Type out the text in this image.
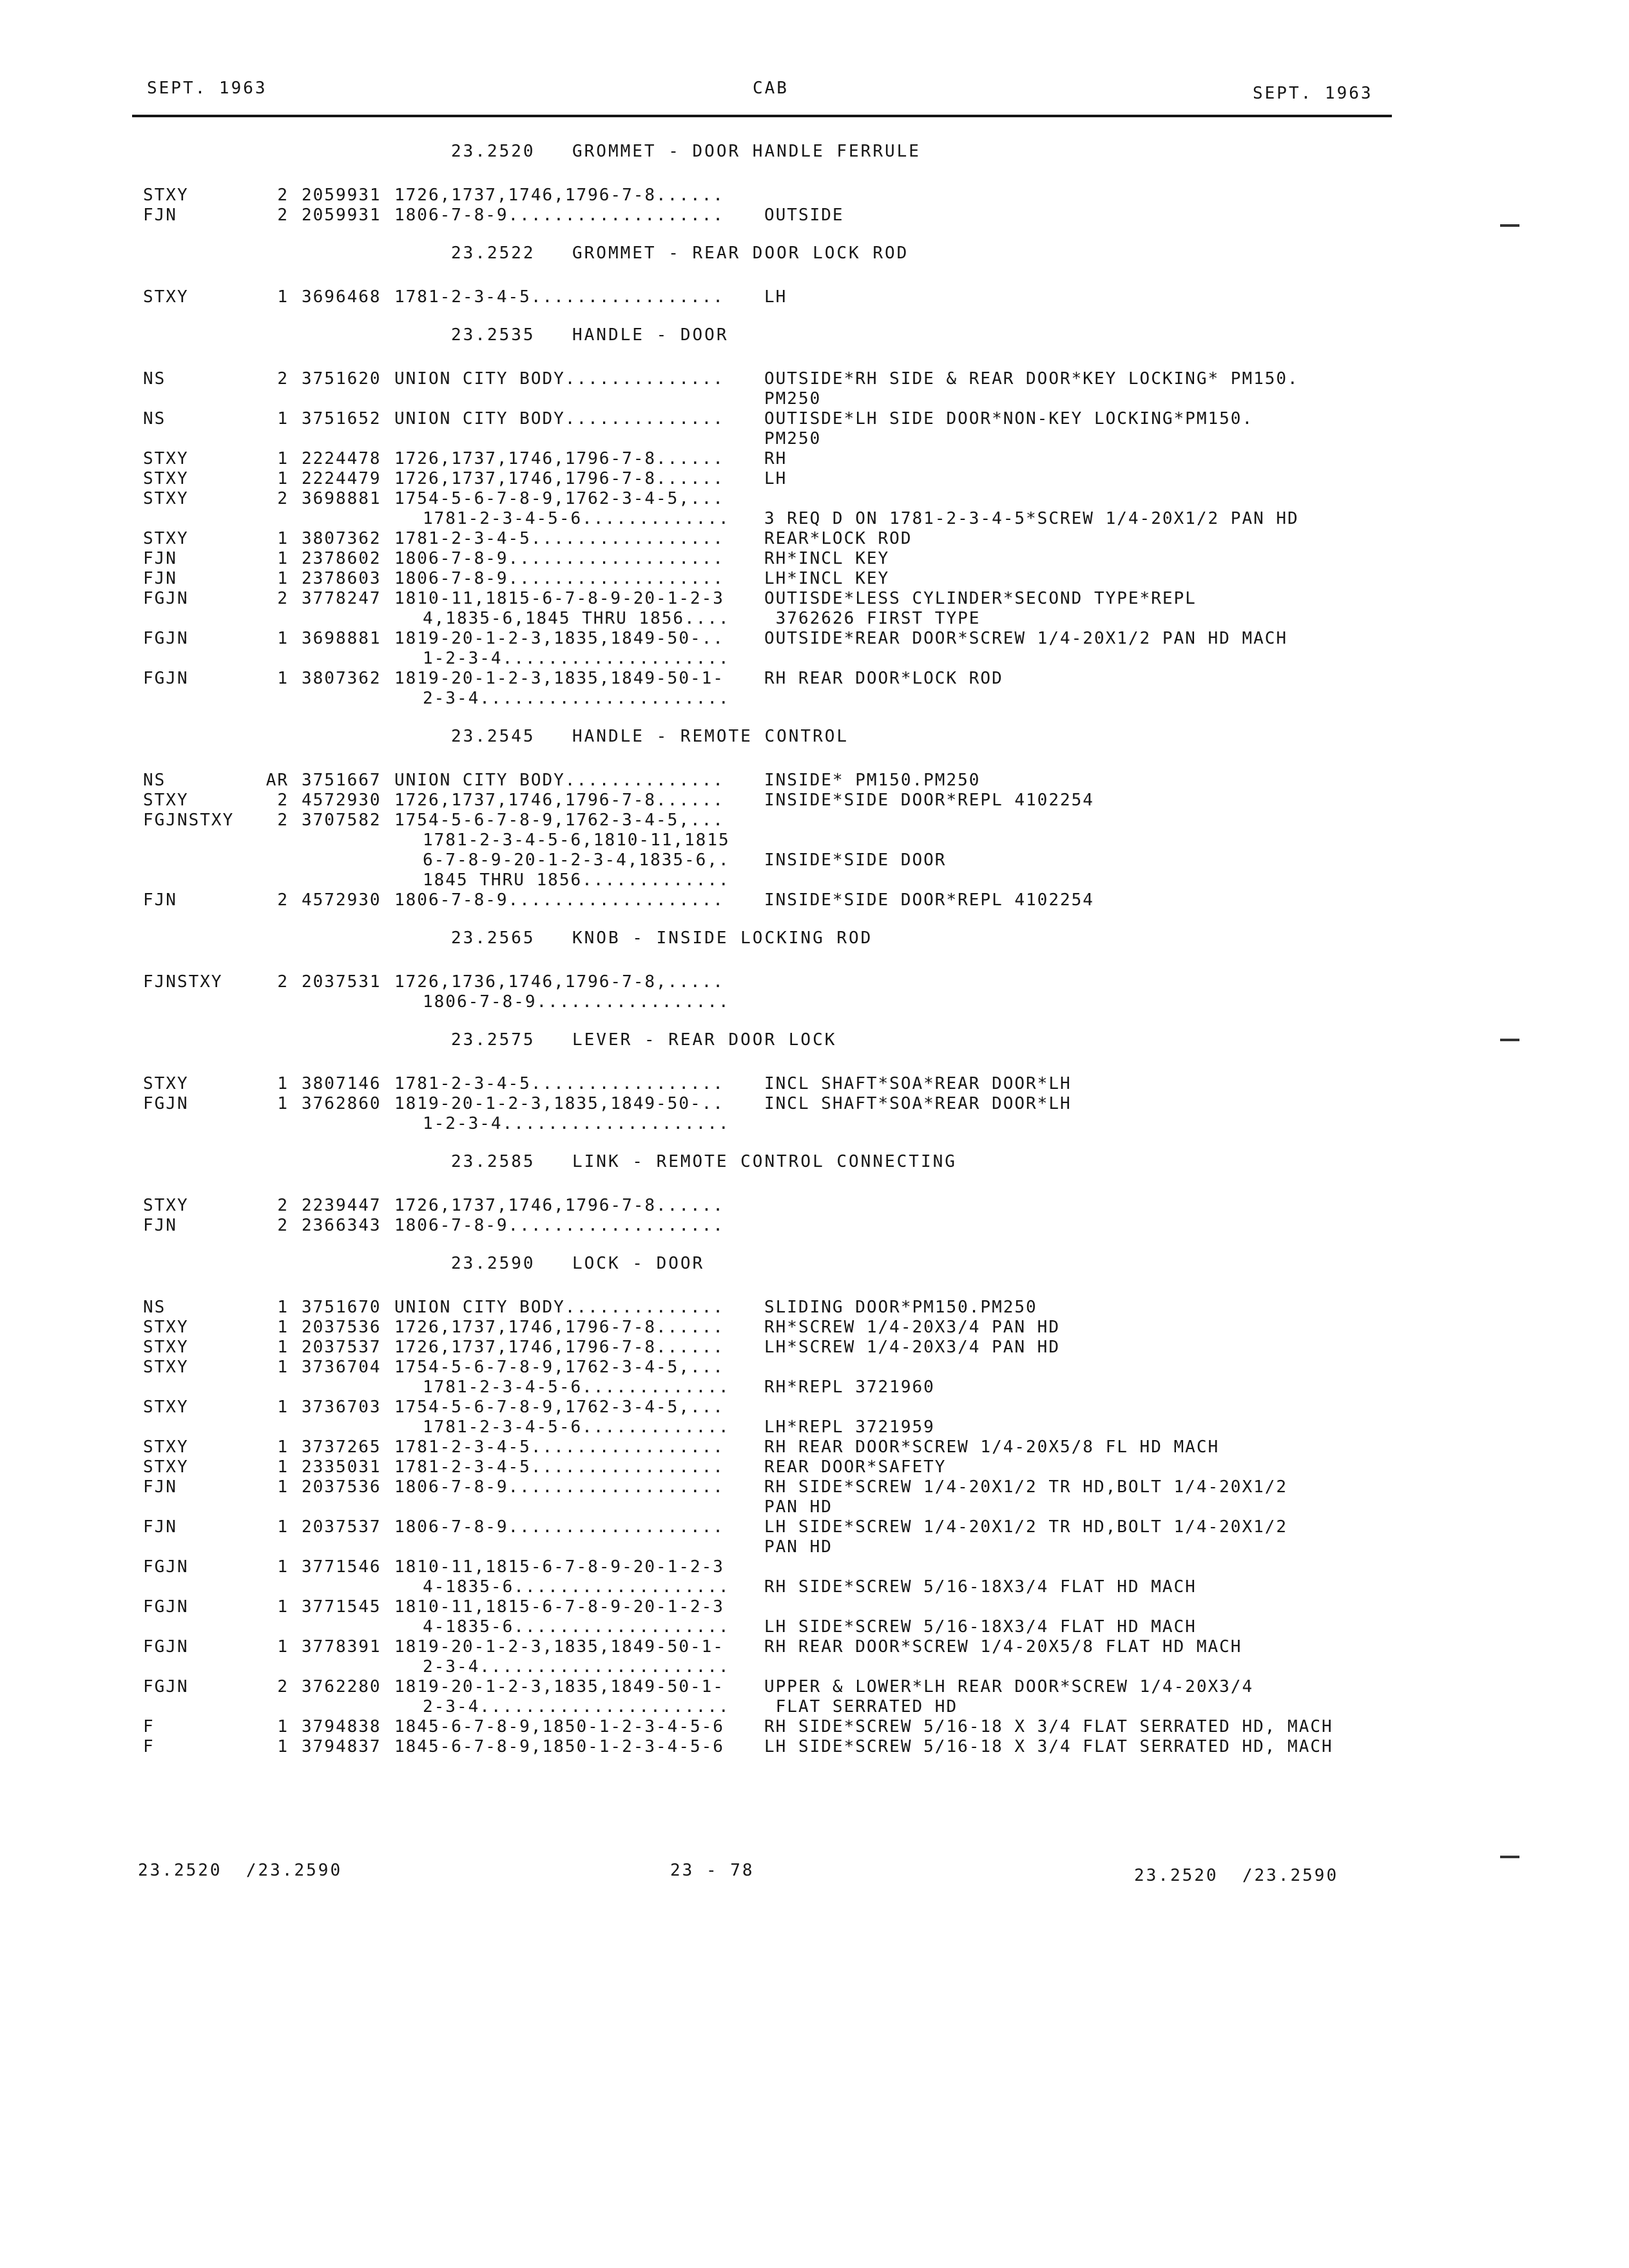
SEPT. 1963	CAB	SEPT. 1963
23.2520 GROMMET - DOOR HANDLE FERRULE
STXY	2 2059931 1726,1737,1746,1796-7-8......
FJN	2 2059931 1806-7-8-9................... OUTSIDE
23.2522 GROMMET - REAR DOOR LOCK ROD
STXY	1 3696468 1781-2-3-4-5................. LH
23.2535 HANDLE - DOOR
NS	2 3751620 UNION CITY BODY.............. OUTSIDE*RH SIDE & REAR DOOR*KEY LOCKING* PM150.
PM250
NS	1 3751652 UNION CITY BODY.............. OUTISDE*LH SIDE DOOR*NON-KEY LOCKING*PM150.
PM250
STXY	1 2224478 1726,1737,1746,1796-7-8...... RH
STXY	1 2224479 1726,1737,1746,1796-7-8...... LH
STXY	2 3698881 1754-5-6-7-8-9,1762-3-4-5,...
1781-2-3-4-5-6............. 3 REQ D ON 1781-2-3-4-5*SCREW 1/4-20X1/2 PAN HD
STXY	1 3807362 1781-2-3-4-5................. REAR*LOCK ROD
FJN	1 2378602 1806-7-8-9................... RH*INCL KEY
FJN	1 2378603 1806-7-8-9................... LH*INCL KEY
FGJN	2 3778247 1810-11,1815-6-7-8-9-20-1-2-3 OUTISDE*LESS CYLINDER*SECOND TYPE*REPL
4,1835-6,1845 THRU 1856.... 3762626 FIRST TYPE
FGJN	1 3698881 1819-20-1-2-3,1835,1849-50-.. OUTSIDE*REAR DOOR*SCREW 1/4-20X1/2 PAN HD MACH
1-2-3-4....................
FGJN	1 3807362 1819-20-1-2-3,1835,1849-50-1- RH REAR DOOR*LOCK ROD
2-3-4......................
23.2545 HANDLE - REMOTE CONTROL
NS	AR 3751667 UNION CITY BODY.............. INSIDE* PM150.PM250
STXY	2 4572930 1726,1737,1746,1796-7-8...... INSIDE*SIDE DOOR*REPL 4102254
FGJNSTXY	2 3707582 1754-5-6-7-8-9,1762-3-4-5,...
1781-2-3-4-5-6,1810-11,1815
6-7-8-9-20-1-2-3-4,1835-6,. INSIDE*SIDE DOOR
1845 THRU 1856.............
FJN	2 4572930 1806-7-8-9................... INSIDE*SIDE DOOR*REPL 4102254
23.2565 KNOB - INSIDE LOCKING ROD
FJNSTXY	2 2037531 1726,1736,1746,1796-7-8,.....
1806-7-8-9.................
23.2575 LEVER - REAR DOOR LOCK
STXY	1 3807146 1781-2-3-4-5................. INCL SHAFT*SOA*REAR DOOR*LH
FGJN	1 3762860 1819-20-1-2-3,1835,1849-50-.. INCL SHAFT*SOA*REAR DOOR*LH
1-2-3-4....................
23.2585 LINK - REMOTE CONTROL CONNECTING
STXY	2 2239447 1726,1737,1746,1796-7-8......
FJN	2 2366343 1806-7-8-9...................
23.2590 LOCK - DOOR
NS	1 3751670 UNION CITY BODY.............. SLIDING DOOR*PM150.PM250
STXY	1 2037536 1726,1737,1746,1796-7-8...... RH*SCREW 1/4-20X3/4 PAN HD
STXY	1 2037537 1726,1737,1746,1796-7-8...... LH*SCREW 1/4-20X3/4 PAN HD
STXY	1 3736704 1754-5-6-7-8-9,1762-3-4-5,...
1781-2-3-4-5-6............. RH*REPL 3721960
STXY	1 3736703 1754-5-6-7-8-9,1762-3-4-5,...
1781-2-3-4-5-6............. LH*REPL 3721959
STXY	1 3737265 1781-2-3-4-5................. RH REAR DOOR*SCREW 1/4-20X5/8 FL HD MACH
STXY	1 2335031 1781-2-3-4-5................. REAR DOOR*SAFETY
FJN	1 2037536 1806-7-8-9................... RH SIDE*SCREW 1/4-20X1/2 TR HD,BOLT 1/4-20X1/2
PAN HD
FJN	1 2037537 1806-7-8-9................... LH SIDE*SCREW 1/4-20X1/2 TR HD,BOLT 1/4-20X1/2
PAN HD
FGJN	1 3771546 1810-11,1815-6-7-8-9-20-1-2-3
4-1835-6................... RH SIDE*SCREW 5/16-18X3/4 FLAT HD MACH
FGJN	1 3771545 1810-11,1815-6-7-8-9-20-1-2-3
4-1835-6................... LH SIDE*SCREW 5/16-18X3/4 FLAT HD MACH
FGJN	1 3778391 1819-20-1-2-3,1835,1849-50-1- RH REAR DOOR*SCREW 1/4-20X5/8 FLAT HD MACH
2-3-4......................
FGJN	2 3762280 1819-20-1-2-3,1835,1849-50-1- UPPER & LOWER*LH REAR DOOR*SCREW 1/4-20X3/4
2-3-4...................... FLAT SERRATED HD
F	1 3794838 1845-6-7-8-9,1850-1-2-3-4-5-6 RH SIDE*SCREW 5/16-18 X 3/4 FLAT SERRATED HD, MACH
F	1 3794837 1845-6-7-8-9,1850-1-2-3-4-5-6 LH SIDE*SCREW 5/16-18 X 3/4 FLAT SERRATED HD, MACH
23.2520  /23.2590	23 - 78	23.2520  /23.2590
